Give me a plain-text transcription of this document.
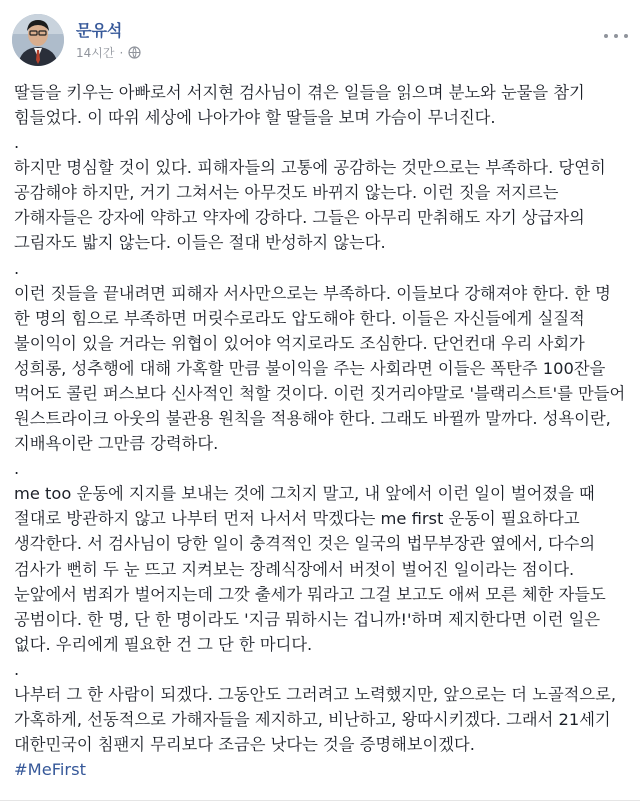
문유석
14시간 ·

딸들을 키우는 아빠로서 서지현 검사님이 겪은 일들을 읽으며 분노와 눈물을 참기 힘들었다. 이 따위 세상에 나아가야 할 딸들을 보며 가슴이 무너진다.

.

하지만 명심할 것이 있다. 피해자들의 고통에 공감하는 것만으로는 부족하다. 당연히 공감해야 하지만, 거기 그쳐서는 아무것도 바뀌지 않는다. 이런 짓을 저지르는 가해자들은 강자에 약하고 약자에 강하다. 그들은 아무리 만취해도 자기 상급자의 그림자도 밟지 않는다. 이들은 절대 반성하지 않는다.

.

이런 짓들을 끝내려면 피해자 서사만으로는 부족하다. 이들보다 강해져야 한다. 한 명 한 명의 힘으로 부족하면 머릿수로라도 압도해야 한다. 이들은 자신들에게 실질적 불이익이 있을 거라는 위협이 있어야 억지로라도 조심한다. 단언컨대 우리 사회가 성희롱, 성추행에 대해 가혹할 만큼 불이익을 주는 사회라면 이들은 폭탄주 100잔을 먹어도 콜린 퍼스보다 신사적인 척할 것이다. 이런 짓거리야말로 '블랙리스트'를 만들어 원스트라이크 아웃의 불관용 원칙을 적용해야 한다. 그래도 바뀔까 말까다. 성욕이란, 지배욕이란 그만큼 강력하다.

.

me too 운동에 지지를 보내는 것에 그치지 말고, 내 앞에서 이런 일이 벌어졌을 때 절대로 방관하지 않고 나부터 먼저 나서서 막겠다는 me first 운동이 필요하다고 생각한다. 서 검사님이 당한 일이 충격적인 것은 일국의 법무부장관 옆에서, 다수의 검사가 뻔히 두 눈 뜨고 지켜보는 장례식장에서 버젓이 벌어진 일이라는 점이다.눈앞에서 범죄가 벌어지는데 그깟 출세가 뭐라고 그걸 보고도 애써 모른 체한 자들도 공범이다. 한 명, 단 한 명이라도 '지금 뭐하시는 겁니까!'하며 제지한다면 이런 일은 없다. 우리에게 필요한 건 그 단 한 마디다.

.

나부터 그 한 사람이 되겠다. 그동안도 그러려고 노력했지만, 앞으로는 더 노골적으로, 가혹하게, 선동적으로 가해자들을 제지하고, 비난하고, 왕따시키겠다. 그래서 21세기 대한민국이 침팬지 무리보다 조금은 낫다는 것을 증명해보이겠다.

#MeFirst
